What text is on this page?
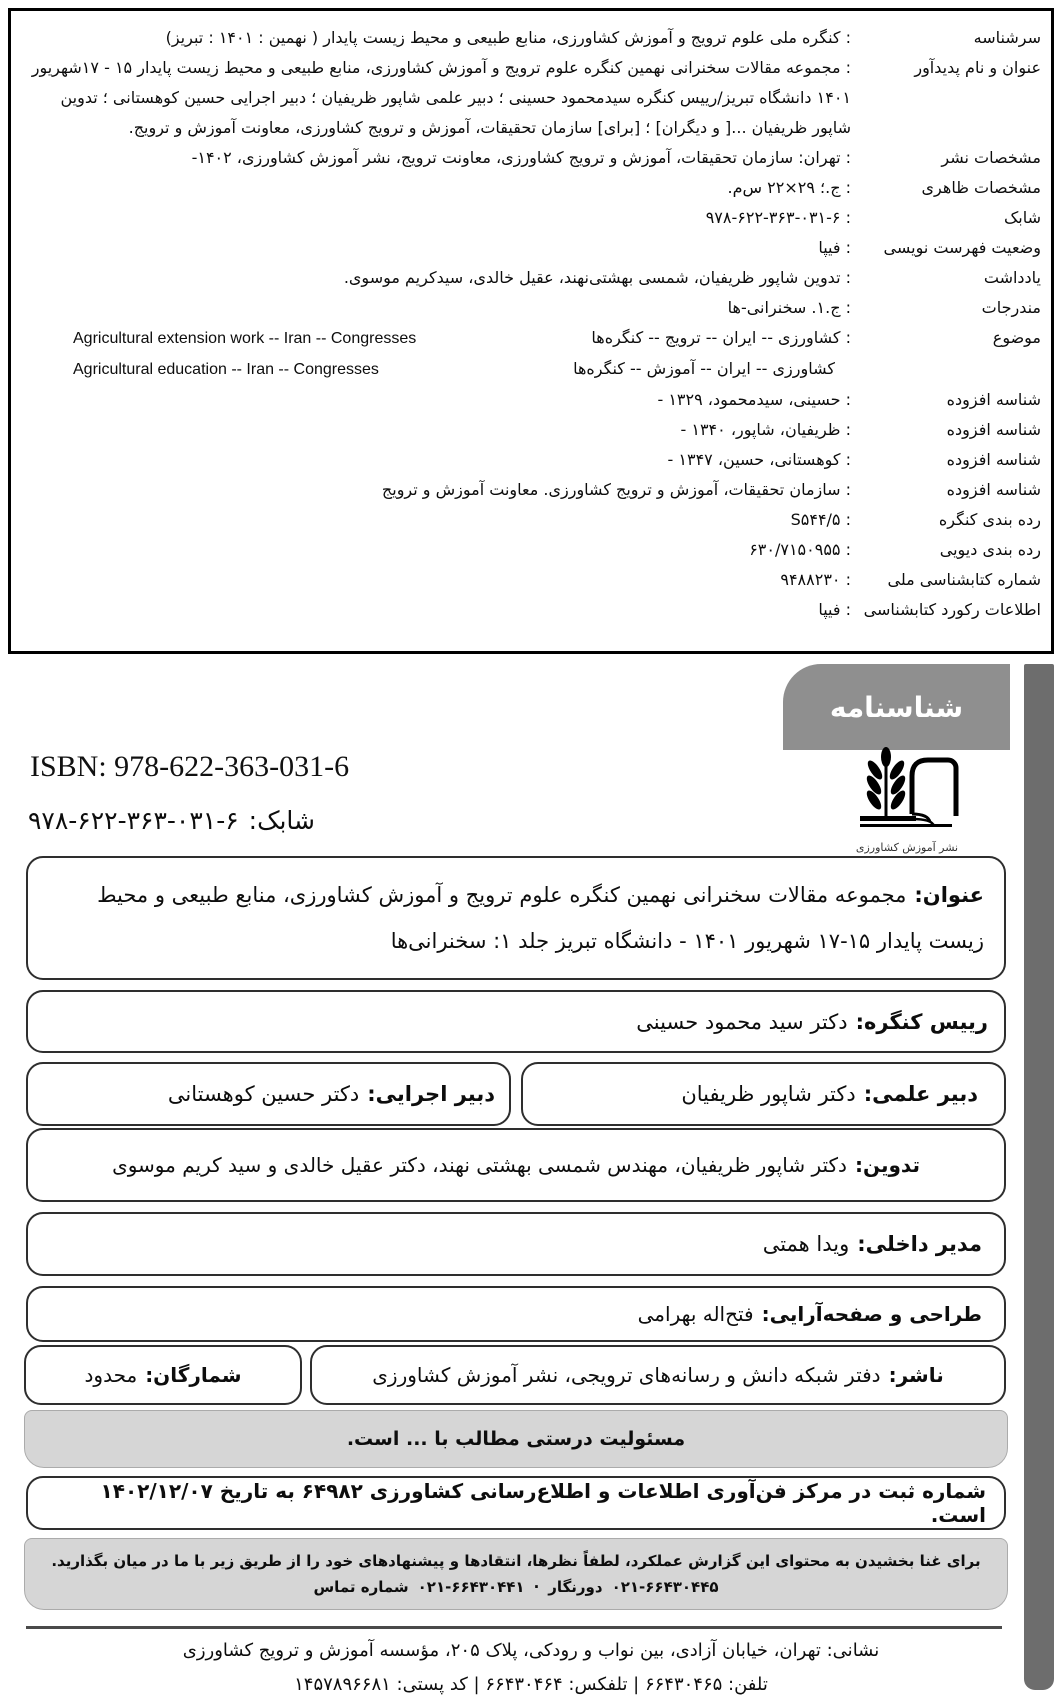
سرشناسه
: کنگره ملی علوم ترویج و آموزش کشاورزی، منابع طبیعی و محیط زیست پایدار ( نهمین : ۱۴۰۱ : تبریز)
عنوان و نام پدیدآور
: مجموعه مقالات سخنرانی نهمین کنگره علوم ترویج و آموزش کشاورزی، منابع طبیعی و محیط زیست پایدار ۱۵ - ۱۷شهریور ۱۴۰۱ دانشگاه تبریز/رییس کنگره سیدمحمود حسینی ؛ دبیر علمی شاپور ظریفیان ؛ دبیر اجرایی حسین کوهستانی ؛ تدوین شاپور ظریفیان ...[ و دیگران] ؛ [برای] سازمان تحقیقات، آموزش و ترویج کشاورزی، معاونت آموزش و ترویج.
مشخصات نشر
: تهران: سازمان تحقیقات، آموزش و ترویج کشاورزی، معاونت ترویج، نشر آموزش کشاورزی، ۱۴۰۲-
مشخصات ظاهری
: ج.؛ ۲۹×۲۲ س‌م.
شابک
: ۹۷۸-۶۲۲-۳۶۳-۰۳۱-۶
وضعیت فهرست نویسی
: فیپا
یادداشت
: تدوین شاپور ظریفیان، شمسی بهشتی‌نهند، عقیل خالدی، سیدکریم موسوی.
مندرجات
: ج.۱. سخنرانی-ها
موضوع
: کشاورزی -- ایران -- ترویج -- کنگره‌ها
Agricultural extension work -- Iran -- Congresses
کشاورزی -- ایران -- آموزش -- کنگره‌ها
Agricultural education -- Iran -- Congresses
شناسه افزوده
: حسینی، سیدمحمود، ۱۳۲۹ -
شناسه افزوده
: ظریفیان، شاپور، ۱۳۴۰ -
شناسه افزوده
: کوهستانی، حسین، ۱۳۴۷ -
شناسه افزوده
: سازمان تحقیقات، آموزش و ترویج کشاورزی. معاونت آموزش و ترویج
رده بندی کنگره
: S۵۴۴/۵
رده بندی دیویی
: ۶۳۰/۷۱۵۰۹۵۵
شماره کتابشناسی ملی
: ۹۴۸۸۲۳۰
اطلاعات رکورد کتابشناسی
: فیپا
شناسنامه
ISBN: 978-622-363-031-6
شابک:
۹۷۸-۶۲۲-۳۶۳-۰۳۱-۶
نشر آموزش کشاورزی
عنوان:مجموعه مقالات سخنرانی نهمین کنگره علوم ترویج و آموزش کشاورزی، منابع طبیعی و محیط زیست پایدار ۱۵-۱۷ شهریور ۱۴۰۱ - دانشگاه تبریز جلد ۱: سخنرانی‌ها
رییس کنگره:
دکتر سید محمود حسینی
دبیر علمی:
دکتر شاپور ظریفیان
دبیر اجرایی:
دکتر حسین کوهستانی
تدوین:
دکتر شاپور ظریفیان، مهندس شمسی بهشتی نهند، دکتر عقیل خالدی و سید کریم موسوی
مدیر داخلی:
ویدا همتی
طراحی و صفحه‌آرایی:
فتح‌اله بهرامی
ناشر:
دفتر شبکه دانش و رسانه‌های ترویجی، نشر آموزش کشاورزی
شمارگان:
محدود
مسئولیت درستی مطالب با ... است.
شماره ثبت در مرکز فن‌آوری اطلاعات و اطلاع‌رسانی کشاورزی ۶۴۹۸۲ به تاریخ ۱۴۰۲/۱۲/۰۷ است.
برای غنا بخشیدن به محتوای این گزارش عملکرد، لطفاً نظرها، انتقادها و پیشنهادهای خود را از طریق زیر با ما در میان بگذارید.
شماره تماس ۰۲۱-۶۶۴۳۰۴۴۱ · دورنگار ۰۲۱-۶۶۴۳۰۴۴۵
نشانی: تهران، خیابان آزادی، بین نواب و رودکی، پلاک ۲۰۵، مؤسسه آموزش و ترویج کشاورزی
تلفن: ۶۶۴۳۰۴۶۵ | تلفکس: ۶۶۴۳۰۴۶۴ | کد پستی: ۱۴۵۷۸۹۶۶۸۱
